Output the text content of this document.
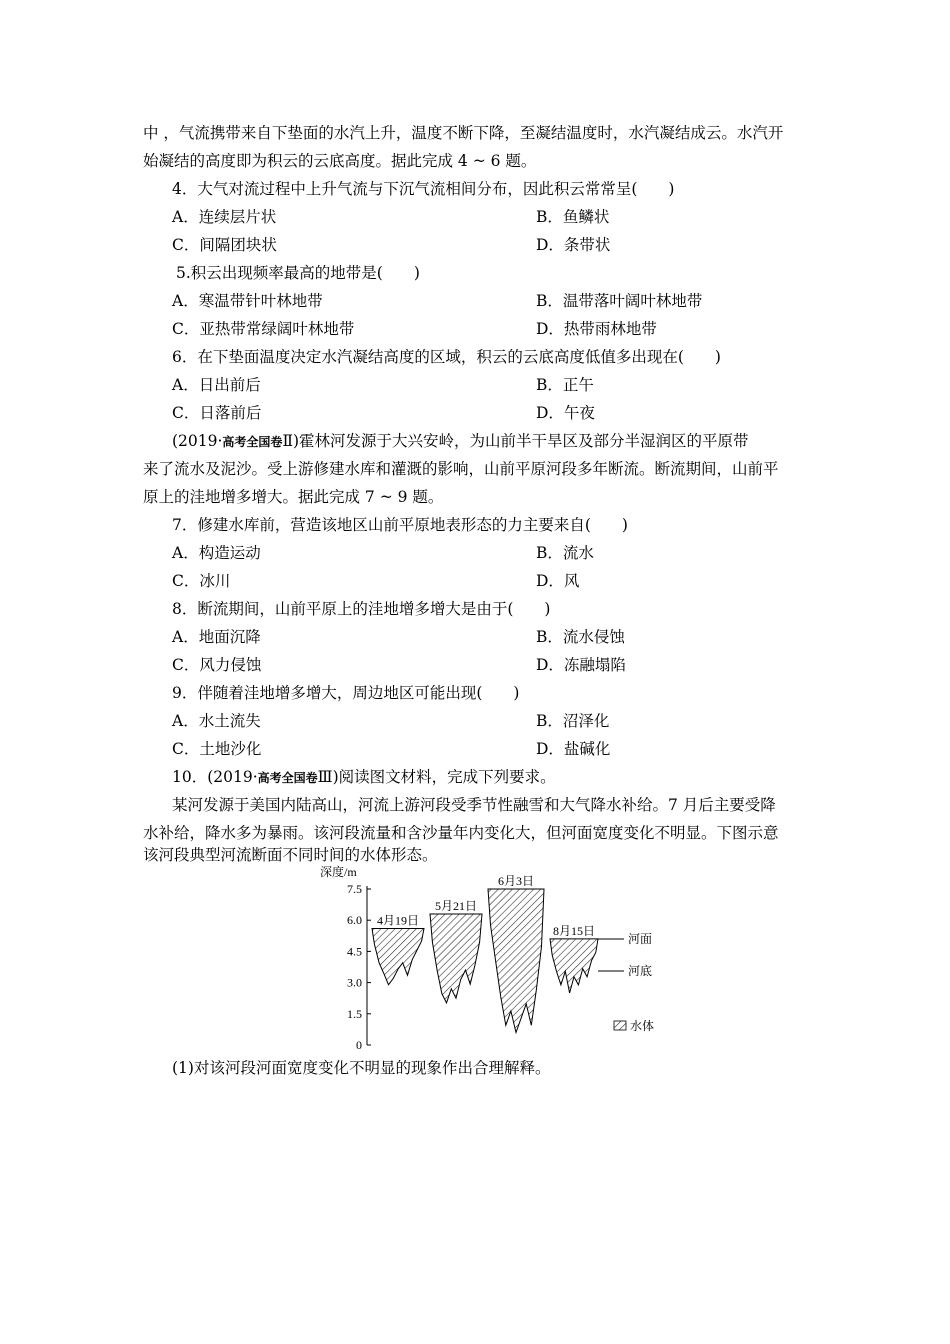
中 ，气流携带来自下垫面的水汽上升，温度不断下降，至凝结温度时，水汽凝结成云。水汽开
始凝结的高度即为积云的云底高度。据此完成 4 ~ 6 题。
4．大气对流过程中上升气流与下沉气流相间分布，因此积云常常呈(　　)
A．连续层片状	B．鱼鳞状
C．间隔团块状	D．条带状
5.积云出现频率最高的地带是(　　)
A．寒温带针叶林地带	B．温带落叶阔叶林地带
C．亚热带常绿阔叶林地带	D．热带雨林地带
6．在下垫面温度决定水汽凝结高度的区域，积云的云底高度低值多出现在(　　)
A．日出前后	B．正午
C．日落前后	D．午夜
(2019·高考全国卷Ⅱ)霍林河发源于大兴安岭，为山前半干旱区及部分半湿润区的平原带
来了流水及泥沙。受上游修建水库和灌溉的影响，山前平原河段多年断流。断流期间，山前平
原上的洼地增多增大。据此完成 7 ~ 9 题。
7．修建水库前，营造该地区山前平原地表形态的力主要来自(　　)
A．构造运动	B．流水
C．冰川	D．风
8．断流期间，山前平原上的洼地增多增大是由于(　　)
A．地面沉降	B．流水侵蚀
C．风力侵蚀	D．冻融塌陷
9．伴随着洼地增多增大，周边地区可能出现(　　)
A．水土流失	B．沼泽化
C．土地沙化	D．盐碱化
10．(2019·高考全国卷Ⅲ)阅读图文材料，完成下列要求。
某河发源于美国内陆高山，河流上游河段受季节性融雪和大气降水补给。7 月后主要受降
水补给，降水多为暴雨。该河段流量和含沙量年内变化大，但河面宽度变化不明显。下图示意
该河段典型河流断面不同时间的水体形态。
深度/m
7.5
6.0
4.5
3.0
1.5
0
4月19日
5月21日
6月3日
8月15日
河面
河底
水体
(1)对该河段河面宽度变化不明显的现象作出合理解释。
